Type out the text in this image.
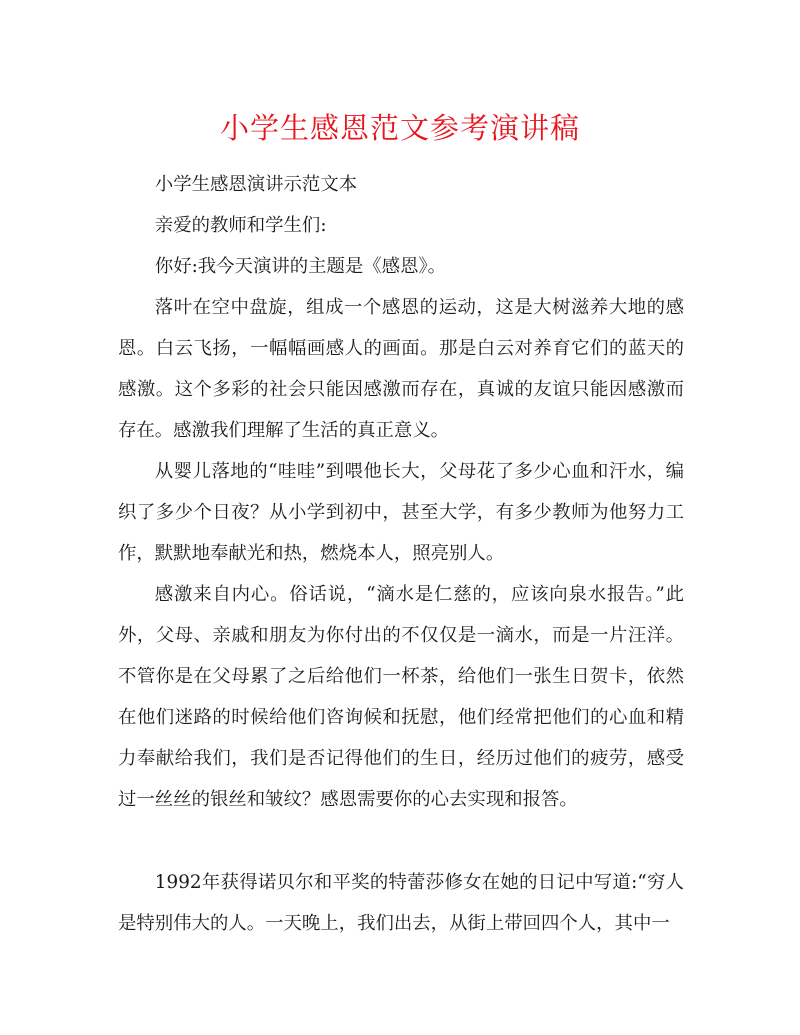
小学生感恩范文参考演讲稿

小学生感恩演讲示范文本

亲爱的教师和学生们:

你好:我今天演讲的主题是《感恩》。

落叶在空中盘旋，组成一个感恩的运动，这是大树滋养大地的感恩。白云飞扬，一幅幅画感人的画面。那是白云对养育它们的蓝天的感激。这个多彩的社会只能因感激而存在，真诚的友谊只能因感激而存在。感激我们理解了生活的真正意义。

从婴儿落地的“哇哇”到喂他长大，父母花了多少心血和汗水，编织了多少个日夜？从小学到初中，甚至大学，有多少教师为他努力工作，默默地奉献光和热，燃烧本人，照亮别人。

感激来自内心。俗话说，“滴水是仁慈的，应该向泉水报告。”此外，父母、亲戚和朋友为你付出的不仅仅是一滴水，而是一片汪洋。不管你是在父母累了之后给他们一杯茶，给他们一张生日贺卡，依然在他们迷路的时候给他们咨询候和抚慰，他们经常把他们的心血和精力奉献给我们，我们是否记得他们的生日，经历过他们的疲劳，感受过一丝丝的银丝和皱纹？感恩需要你的心去实现和报答。

1992年获得诺贝尔和平奖的特蕾莎修女在她的日记中写道:“穷人是特别伟大的人。一天晚上，我们出去，从街上带回四个人，其中一
